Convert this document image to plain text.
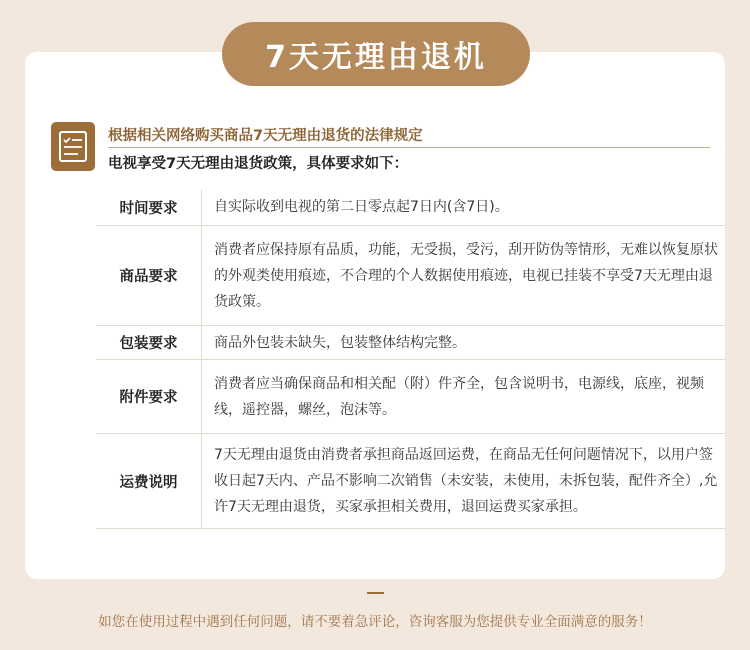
7天无理由退机
根据相关网络购买商品7天无理由退货的法律规定
电视享受7天无理由退货政策，具体要求如下：
时间要求	自实际收到电视的第二日零点起7日内(含7日)。
商品要求
消费者应保持原有品质，功能，无受损，受污，刮开防伪等情形，无难以恢复原状的外观类使用痕迹，不合理的个人数据使用痕迹，电视已挂装不享受7天无理由退货政策。
包装要求	商品外包装未缺失，包装整体结构完整。
附件要求
消费者应当确保商品和相关配（附）件齐全，包含说明书，电源线，底座，视频线，遥控器，螺丝，泡沫等。
运费说明
7天无理由退货由消费者承担商品返回运费，在商品无任何问题情况下，以用户签收日起7天内、产品不影响二次销售（未安装，未使用，未拆包装，配件齐全）,允许7天无理由退货，买家承担相关费用，退回运费买家承担。
如您在使用过程中遇到任何问题，请不要着急评论，咨询客服为您提供专业全面满意的服务！
